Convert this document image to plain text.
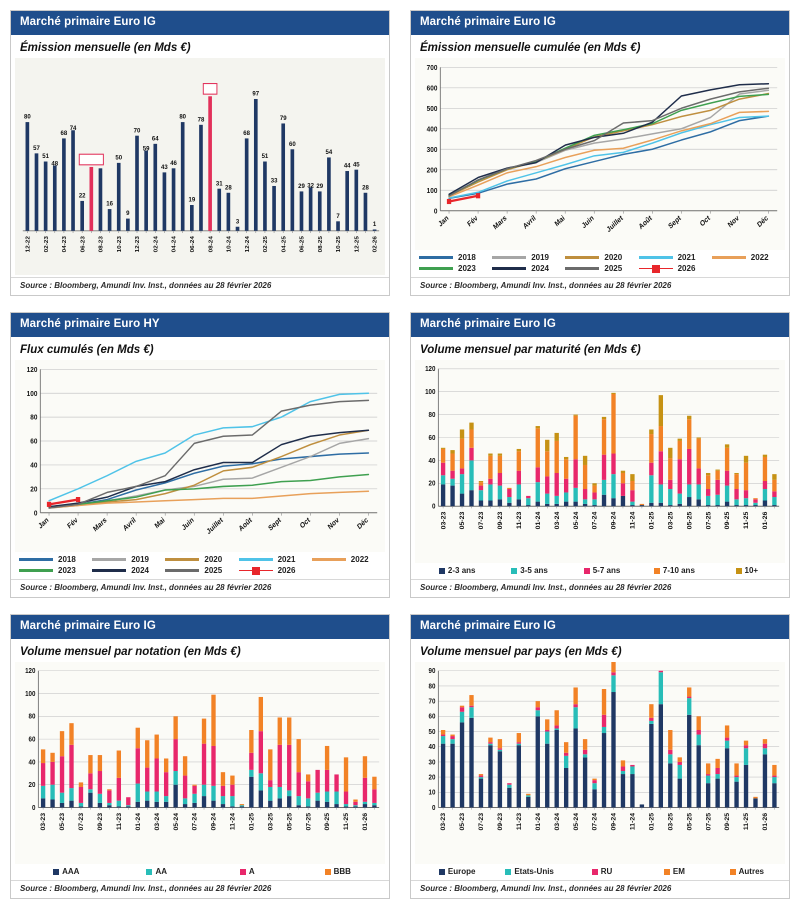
Marché primaire Euro IG
Émission mensuelle (en Mds €)
80
57
51
48
68
74
22
16
50
9
70
59
64
43
46
80
19
78
31
28
3
68
97
51
33
79
60
29 32 29
54
7
44 45
28
1
12-22 02-23 04-23 06-23 08-23 10-23 12-23 02-24 04-24 06-24 08-24 10-24 12-24 02-25 04-25 06-25 08-25 10-25 12-25 02-26
Source : Bloomberg, Amundi Inv. Inst., données au 28 février 2026
Marché primaire Euro IG
Émission mensuelle cumulée (en Mds €)
0
100
200
300
400
500
600
700
Jan Fév Mars Avril Mai Juin Juillet Août Sept Oct Nov Déc
2018	2019	2020	2021	2022
2023	2024	2025	2026
Source : Bloomberg, Amundi Inv. Inst., données au 28 février 2026
Marché primaire Euro HY
Flux cumulés (en Mds €)
0
20
40
60
80
100
120
Jan Fév Mars Avril Mai Juin Juillet Août Sept Oct Nov Déc
2018	2019	2020	2021	2022
2023	2024	2025	2026
Source : Bloomberg, Amundi Inv. Inst., données au 28 février 2026
Marché primaire Euro IG
Volume mensuel par maturité (en Mds €)
0
20
40
60
80
100
120
03-23 05-23 07-23 09-23 11-23 01-24 03-24 05-24 07-24 09-24 11-24 01-25 03-25 05-25 07-25 09-25 11-25 01-26
2-3 ans	3-5 ans	5-7 ans	7-10 ans	10+
Source : Bloomberg, Amundi Inv. Inst., données au 28 février 2026
Marché primaire Euro IG
Volume mensuel par notation (en Mds €)
0
20
40
60
80
100
120
03-23 05-23 07-23 09-23 11-23 01-24 03-24 05-24 07-24 09-24 11-24 01-25 03-25 05-25 07-25 09-25 11-25 01-26
AAA	AA	A	BBB
Source : Bloomberg, Amundi Inv. Inst., données au 28 février 2026
Marché primaire Euro IG
Volume mensuel par pays (en Mds €)
0
10
20
30
40
50
60
70
80
90
03-23 05-23 07-23 09-23 11-23 01-24 03-24 05-24 07-24 09-24 11-24 01-25 03-25 05-25 07-25 09-25 11-25 01-26
Europe	Etats-Unis	RU	EM	Autres
Source : Bloomberg, Amundi Inv. Inst., données au 28 février 2026
